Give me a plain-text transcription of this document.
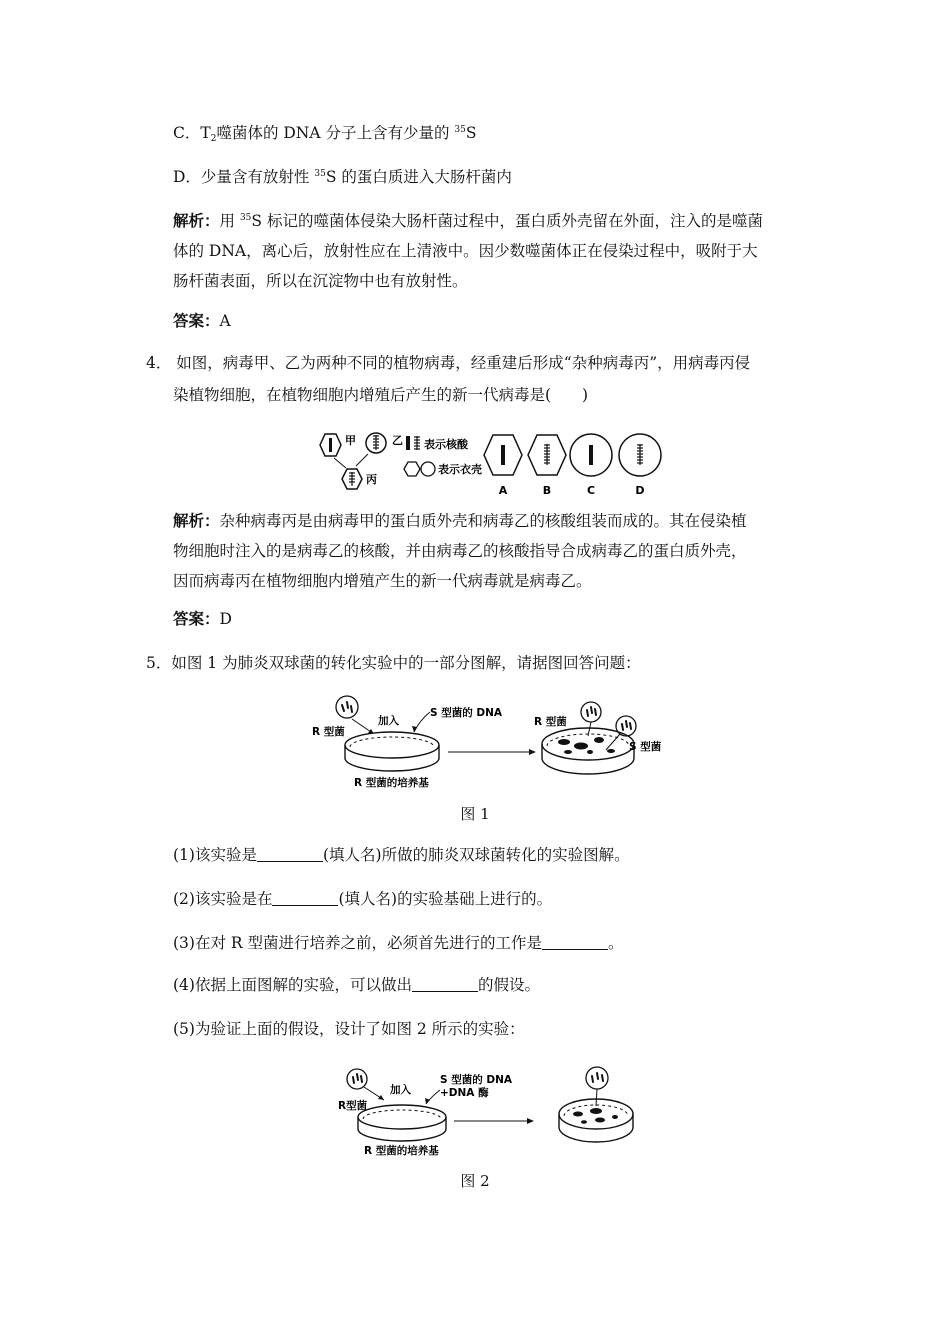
C．$T_2$噬菌体的 DNA 分子上含有少量的 $^{35}$S
D．少量含有放射性 $^{35}$S 的蛋白质进入大肠杆菌内
解析：用 $^{35}$S 标记的噬菌体侵染大肠杆菌过程中，蛋白质外壳留在外面，注入的是噬菌
体的 DNA，离心后，放射性应在上清液中。因少数噬菌体正在侵染过程中，吸附于大
肠杆菌表面，所以在沉淀物中也有放射性。
答案：A
4． 如图，病毒甲、乙为两种不同的植物病毒，经重建后形成“杂种病毒丙”，用病毒丙侵
染植物细胞，在植物细胞内增殖后产生的新一代病毒是(　　)
甲	乙
丙
表示核酸
表示衣壳
A	B	C	D
解析：杂种病毒丙是由病毒甲的蛋白质外壳和病毒乙的核酸组装而成的。其在侵染植
物细胞时注入的是病毒乙的核酸，并由病毒乙的核酸指导合成病毒乙的蛋白质外壳，
因而病毒丙在植物细胞内增殖产生的新一代病毒就是病毒乙。
答案：D
5．如图 1 为肺炎双球菌的转化实验中的一部分图解，请据图回答问题：
R 型菌
加入
S 型菌的 DNA
R 型菌的培养基
R 型菌
S 型菌
图 1
(1)该实验是	(填人名)所做的肺炎双球菌转化的实验图解。
(2)该实验是在	(填人名)的实验基础上进行的。
(3)在对 R 型菌进行培养之前，必须首先进行的工作是	。
(4)依据上面图解的实验，可以做出	的假设。
(5)为验证上面的假设，设计了如图 2 所示的实验：
R型菌
加入
S 型菌的 DNA
+DNA 酶
R 型菌的培养基
图 2
